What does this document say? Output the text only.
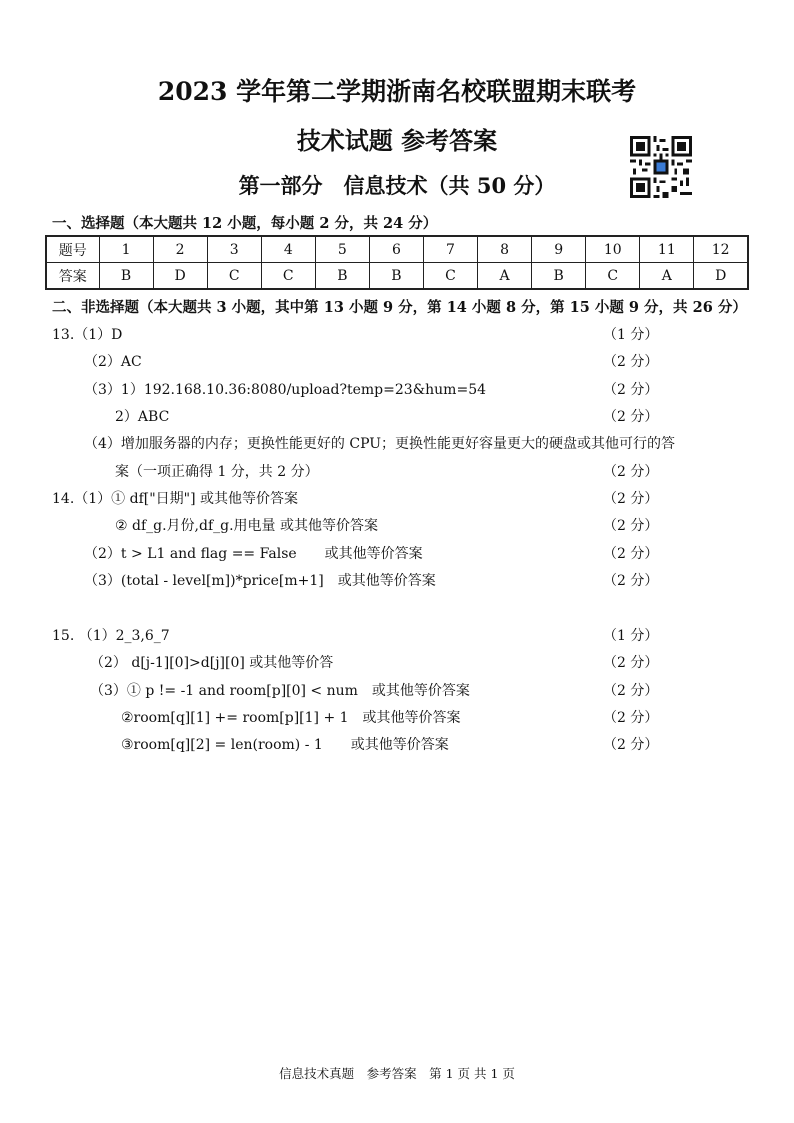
2023 学年第二学期浙南名校联盟期末联考
技术试题 参考答案
第一部分　信息技术（共 50 分）
一、选择题（本大题共 12 小题，每小题 2 分，共 24 分）
题号	1	2	3	4	5	6	7	8	9	10	11	12
答案	B	D	C	C	B	B	C	A	B	C	A	D
二、非选择题（本大题共 3 小题，其中第 13 小题 9 分，第 14 小题 8 分，第 15 小题 9 分，共 26 分）
13.（1）D	（1 分）
（2）AC	（2 分）
（3）1）192.168.10.36:8080/upload?temp=23&hum=54	（2 分）
2）ABC	（2 分）
（4）增加服务器的内存；更换性能更好的 CPU；更换性能更好容量更大的硬盘或其他可行的答
案（一项正确得 1 分，共 2 分）	（2 分）
14.（1）① df["日期"] 或其他等价答案	（2 分）
② df_g.月份,df_g.用电量 或其他等价答案	（2 分）
（2）t > L1 and flag == False　　或其他等价答案	（2 分）
（3）(total - level[m])*price[m+1]　或其他等价答案	（2 分）
15. （1）2_3,6_7	（1 分）
（2） d[j-1][0]>d[j][0] 或其他等价答	（2 分）
（3）① p != -1 and room[p][0] < num　或其他等价答案	（2 分）
②room[q][1] += room[p][1] + 1　或其他等价答案	（2 分）
③room[q][2] = len(room) - 1　　或其他等价答案	（2 分）
信息技术真题　参考答案　第 1 页 共 1 页
